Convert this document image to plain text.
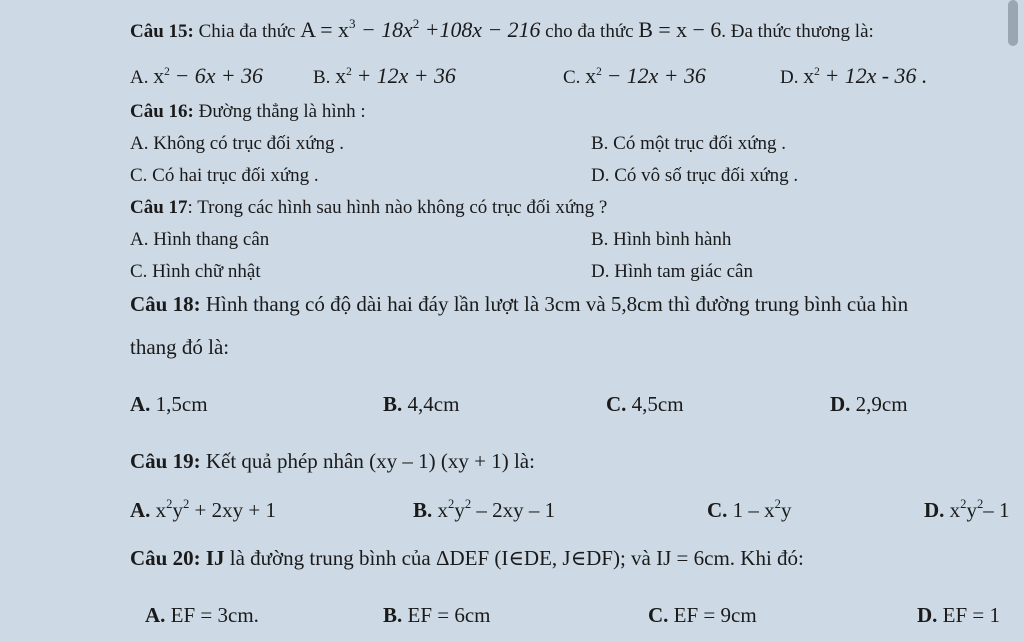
Câu 15: Chia đa thức $A = x^3 - 18x^2 +108x - 216$ cho đa thức B = x − 6. Đa thức thương là:
A. $x^2 - 6x + 36$	B. $x^2 + 12x + 36$	C. $x^2 - 12x + 36$	D. $x^2 + 12x - 36$ .
Câu 16: Đường thẳng là hình :
A. Không có trục đối xứng .	B. Có một trục đối xứng .
C. Có hai trục đối xứng .	D. Có vô số trục đối xứng .
Câu 17: Trong các hình sau hình nào không có trục đối xứng ?
A. Hình thang cân	B. Hình bình hành
C. Hình chữ nhật	D. Hình tam giác cân
Câu 18: Hình thang có độ dài hai đáy lần lượt là 3cm và 5,8cm thì đường trung bình của hìn
thang đó là:
A. 1,5cm	B. 4,4cm	C. 4,5cm	D. 2,9cm
Câu 19: Kết quả phép nhân (xy – 1) (xy + 1) là:
A. $x^2y^2 + 2xy + 1$	B. $x^2y^2 - 2xy - 1$	C. $1 - x^2y$	D. $x^2y^2-$ 1
Câu 20: IJ là đường trung bình của ΔDEF (I∈DE, J∈DF); và IJ = 6cm. Khi đó:
A. EF = 3cm.	B. EF = 6cm	C. EF = 9cm	D. EF = 1
